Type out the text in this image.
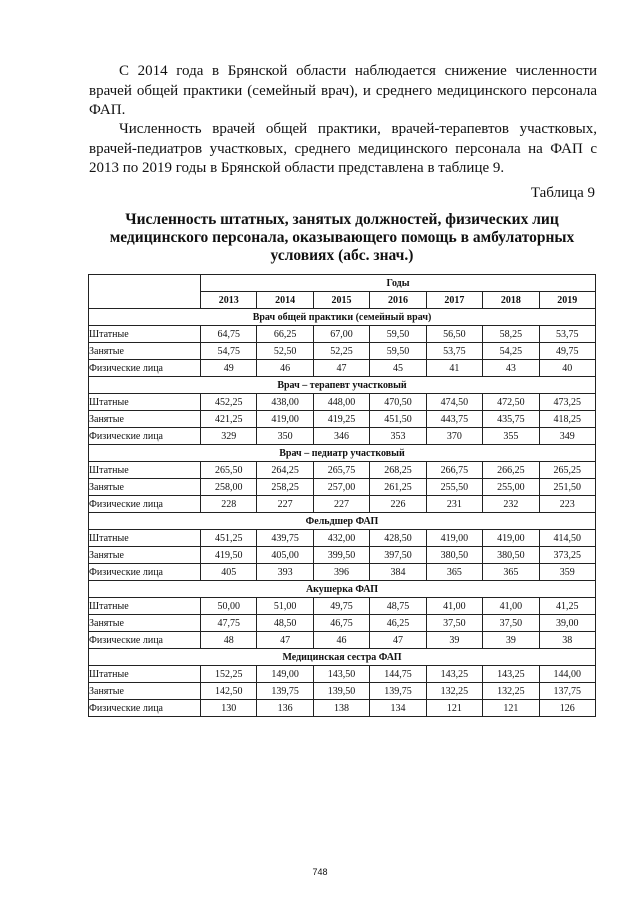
С 2014 года в Брянской области наблюдается снижение численности врачей общей практики (семейный врач), и среднего медицинского персонала ФАП.

Численность врачей общей практики, врачей-терапевтов участковых, врачей-педиатров участковых, среднего медицинского персонала на ФАП с 2013 по 2019 годы в Брянской области представлена в таблице 9.

Таблица 9

Численность штатных, занятых должностей, физических лиц медицинского персонала, оказывающего помощь в амбулаторных условиях (абс. знач.)

	Годы						
	2013	2014	2015	2016	2017	2018	2019
Врач общей практики (семейный врач)							
Штатные	64,75	66,25	67,00	59,50	56,50	58,25	53,75
Занятые	54,75	52,50	52,25	59,50	53,75	54,25	49,75
Физические лица	49	46	47	45	41	43	40
Врач – терапевт участковый							
Штатные	452,25	438,00	448,00	470,50	474,50	472,50	473,25
Занятые	421,25	419,00	419,25	451,50	443,75	435,75	418,25
Физические лица	329	350	346	353	370	355	349
Врач – педиатр участковый							
Штатные	265,50	264,25	265,75	268,25	266,75	266,25	265,25
Занятые	258,00	258,25	257,00	261,25	255,50	255,00	251,50
Физические лица	228	227	227	226	231	232	223
Фельдшер ФАП							
Штатные	451,25	439,75	432,00	428,50	419,00	419,00	414,50
Занятые	419,50	405,00	399,50	397,50	380,50	380,50	373,25
Физические лица	405	393	396	384	365	365	359
Акушерка ФАП							
Штатные	50,00	51,00	49,75	48,75	41,00	41,00	41,25
Занятые	47,75	48,50	46,75	46,25	37,50	37,50	39,00
Физические лица	48	47	46	47	39	39	38
Медицинская сестра ФАП							
Штатные	152,25	149,00	143,50	144,75	143,25	143,25	144,00
Занятые	142,50	139,75	139,50	139,75	132,25	132,25	137,75
Физические лица	130	136	138	134	121	121	126
748
